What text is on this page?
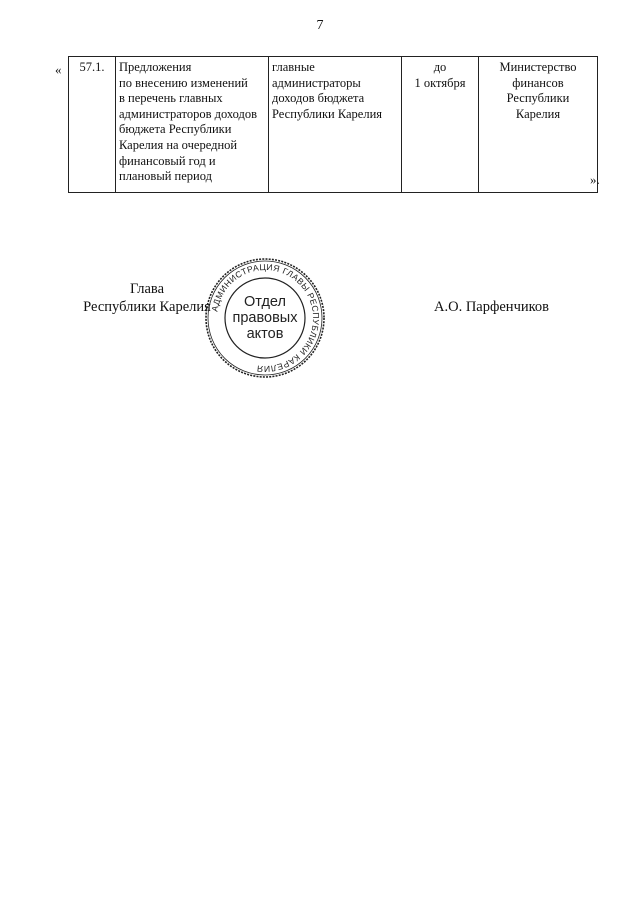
7
« 57.1.	Предложения
по внесению изменений
в перечень главных
администраторов доходов
бюджета Республики
Карелия на очередной
финансовый год и
плановый период	главные
администраторы
доходов бюджета
Республики Карелия	до
1 октября	Министерство
финансов
Республики
Карелия
».
Глава
Республики Карелия
АДМИНИСТРАЦИЯ ГЛАВЫ РЕСПУБЛИКИ КАРЕЛИЯ
Отдел
правовых
актов
А.О. Парфенчиков
